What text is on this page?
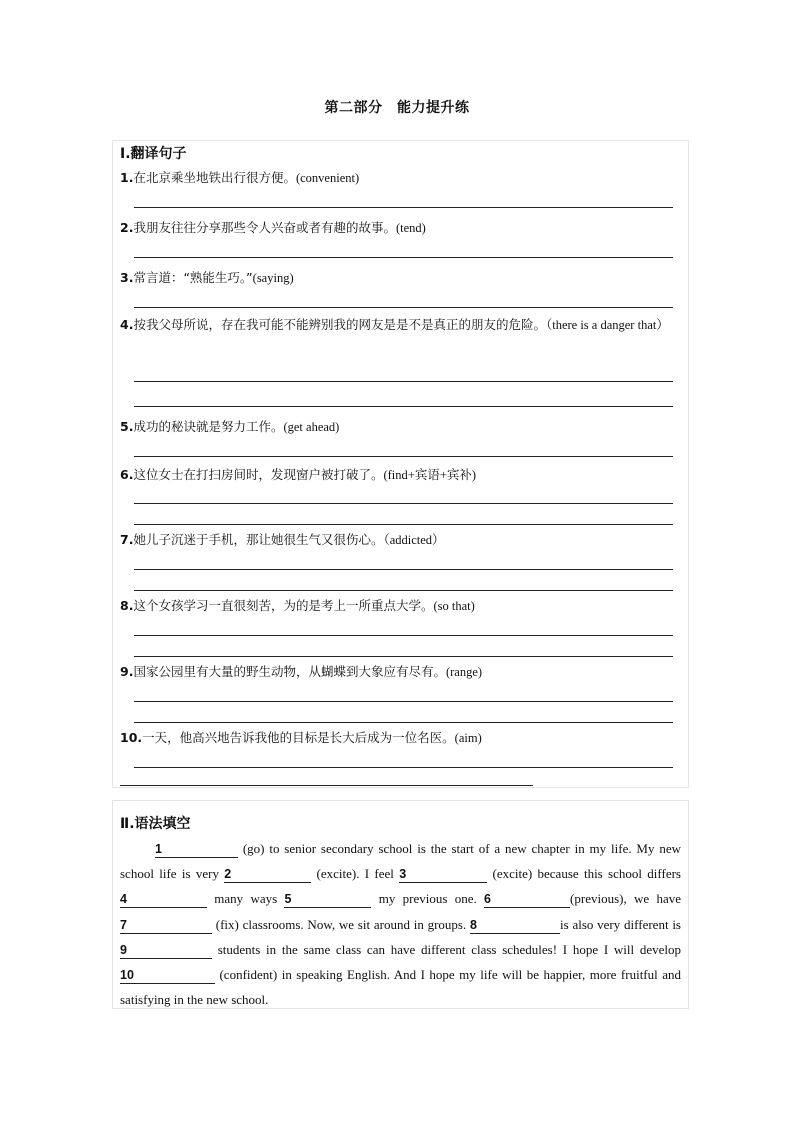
第二部分　能力提升练
Ⅰ.翻译句子
1.在北京乘坐地铁出行很方便。(convenient)
2.我朋友往往分享那些令人兴奋或者有趣的故事。(tend)
3.常言道：“熟能生巧。”(saying)
4.按我父母所说，存在我可能不能辨别我的网友是是不是真正的朋友的危险。（there is a danger that）
5.成功的秘诀就是努力工作。(get ahead)
6.这位女士在打扫房间时，发现窗户被打破了。(find+宾语+宾补)
7.她儿子沉迷于手机，那让她很生气又很伤心。（addicted）
8.这个女孩学习一直很刻苦，为的是考上一所重点大学。(so that)
9.国家公园里有大量的野生动物，从蝴蝶到大象应有尽有。(range)
10.一天，他高兴地告诉我他的目标是长大后成为一位名医。(aim)
Ⅱ.语法填空
1	(go) to senior secondary school is the start of a new chapter in my life. My new school life is very 2	(excite). I feel 3	(excite) because this school differs 4	many ways 5	my previous one. 6	(previous), we have 7	(fix) classrooms. Now, we sit around in groups. 8	is also very different is 9	students in the same class can have different class schedules! I hope I will develop 10	(confident) in speaking English. And I hope my life will be happier, more fruitful and satisfying in the new school.
